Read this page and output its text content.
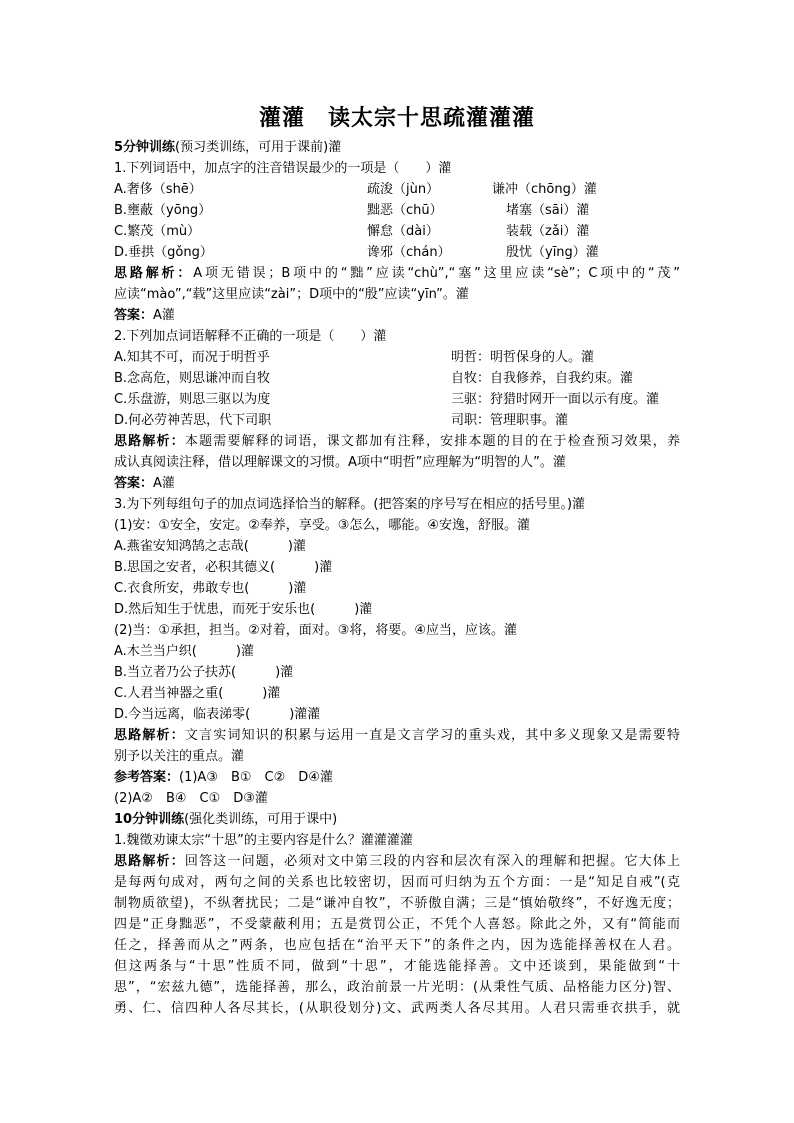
灌灌　读太宗十思疏灌灌灌
5分钟训练(预习类训练，可用于课前)灌
1.下列词语中，加点字的注音错误最少的一项是（　　）灌
A.奢侈（shē）	疏浚（jùn）	谦冲（chōng）灌
B.壅蔽（yōng）	黜恶（chū）	堵塞（sāi）灌
C.繁茂（mù）	懈怠（dài）	装载（zǎi）灌
D.垂拱（gǒng）	谗邪（chán）	殷忧（yīng）灌
思路解析：A项无错误；B项中的“黜”应读“chù”,“塞”这里应读“sè”；C项中的“茂”
应读“mào”,“载”这里应读“zài”；D项中的“殷”应读“yīn”。灌
答案：A灌
2.下列加点词语解释不正确的一项是（　　）灌
A.知其不可，而况于明哲乎	明哲：明哲保身的人。灌
B.念高危，则思谦冲而自牧	自牧：自我修养，自我约束。灌
C.乐盘游，则思三驱以为度	三驱：狩猎时网开一面以示有度。灌
D.何必劳神苦思，代下司职	司职：管理职事。灌
思路解析：本题需要解释的词语，课文都加有注释，安排本题的目的在于检查预习效果，养
成认真阅读注释，借以理解课文的习惯。A项中“明哲”应理解为“明智的人”。灌
答案：A灌
3.为下列每组句子的加点词选择恰当的解释。(把答案的序号写在相应的括号里。)灌
(1)安：①安全，安定。②奉养，享受。③怎么，哪能。④安逸，舒服。灌
A.燕雀安知鸿鹄之志哉(　　　)灌
B.思国之安者，必积其德义(　　　)灌
C.衣食所安，弗敢专也(　　　)灌
D.然后知生于忧患，而死于安乐也(　　　)灌
(2)当：①承担，担当。②对着，面对。③将，将要。④应当，应该。灌
A.木兰当户织(　　　)灌
B.当立者乃公子扶苏(　　　)灌
C.人君当神器之重(　　　)灌
D.今当远离，临表涕零(　　　)灌灌
思路解析：文言实词知识的积累与运用一直是文言学习的重头戏，其中多义现象又是需要特
别予以关注的重点。灌
参考答案：(1)A③　B①　C②　D④灌
(2)A②　B④　C①　D③灌
10分钟训练(强化类训练，可用于课中)
1.魏徵劝谏太宗“十思”的主要内容是什么？灌灌灌灌
思路解析：回答这一问题，必须对文中第三段的内容和层次有深入的理解和把握。它大体上
是每两句成对，两句之间的关系也比较密切，因而可归纳为五个方面：一是“知足自戒”(克
制物质欲望)，不纵奢扰民；二是“谦冲自牧”，不骄傲自满；三是“慎始敬终”，不好逸无度；
四是“正身黜恶”，不受蒙蔽利用；五是赏罚公正，不凭个人喜怒。除此之外，又有“简能而
任之，择善而从之”两条，也应包括在“治平天下”的条件之内，因为选能择善权在人君。
但这两条与“十思”性质不同，做到“十思”，才能选能择善。文中还谈到，果能做到“十
思”，“宏兹九德”，选能择善，那么，政治前景一片光明：(从秉性气质、品格能力区分)智、
勇、仁、信四种人各尽其长，(从职役划分)文、武两类人各尽其用。人君只需垂衣拱手，就
